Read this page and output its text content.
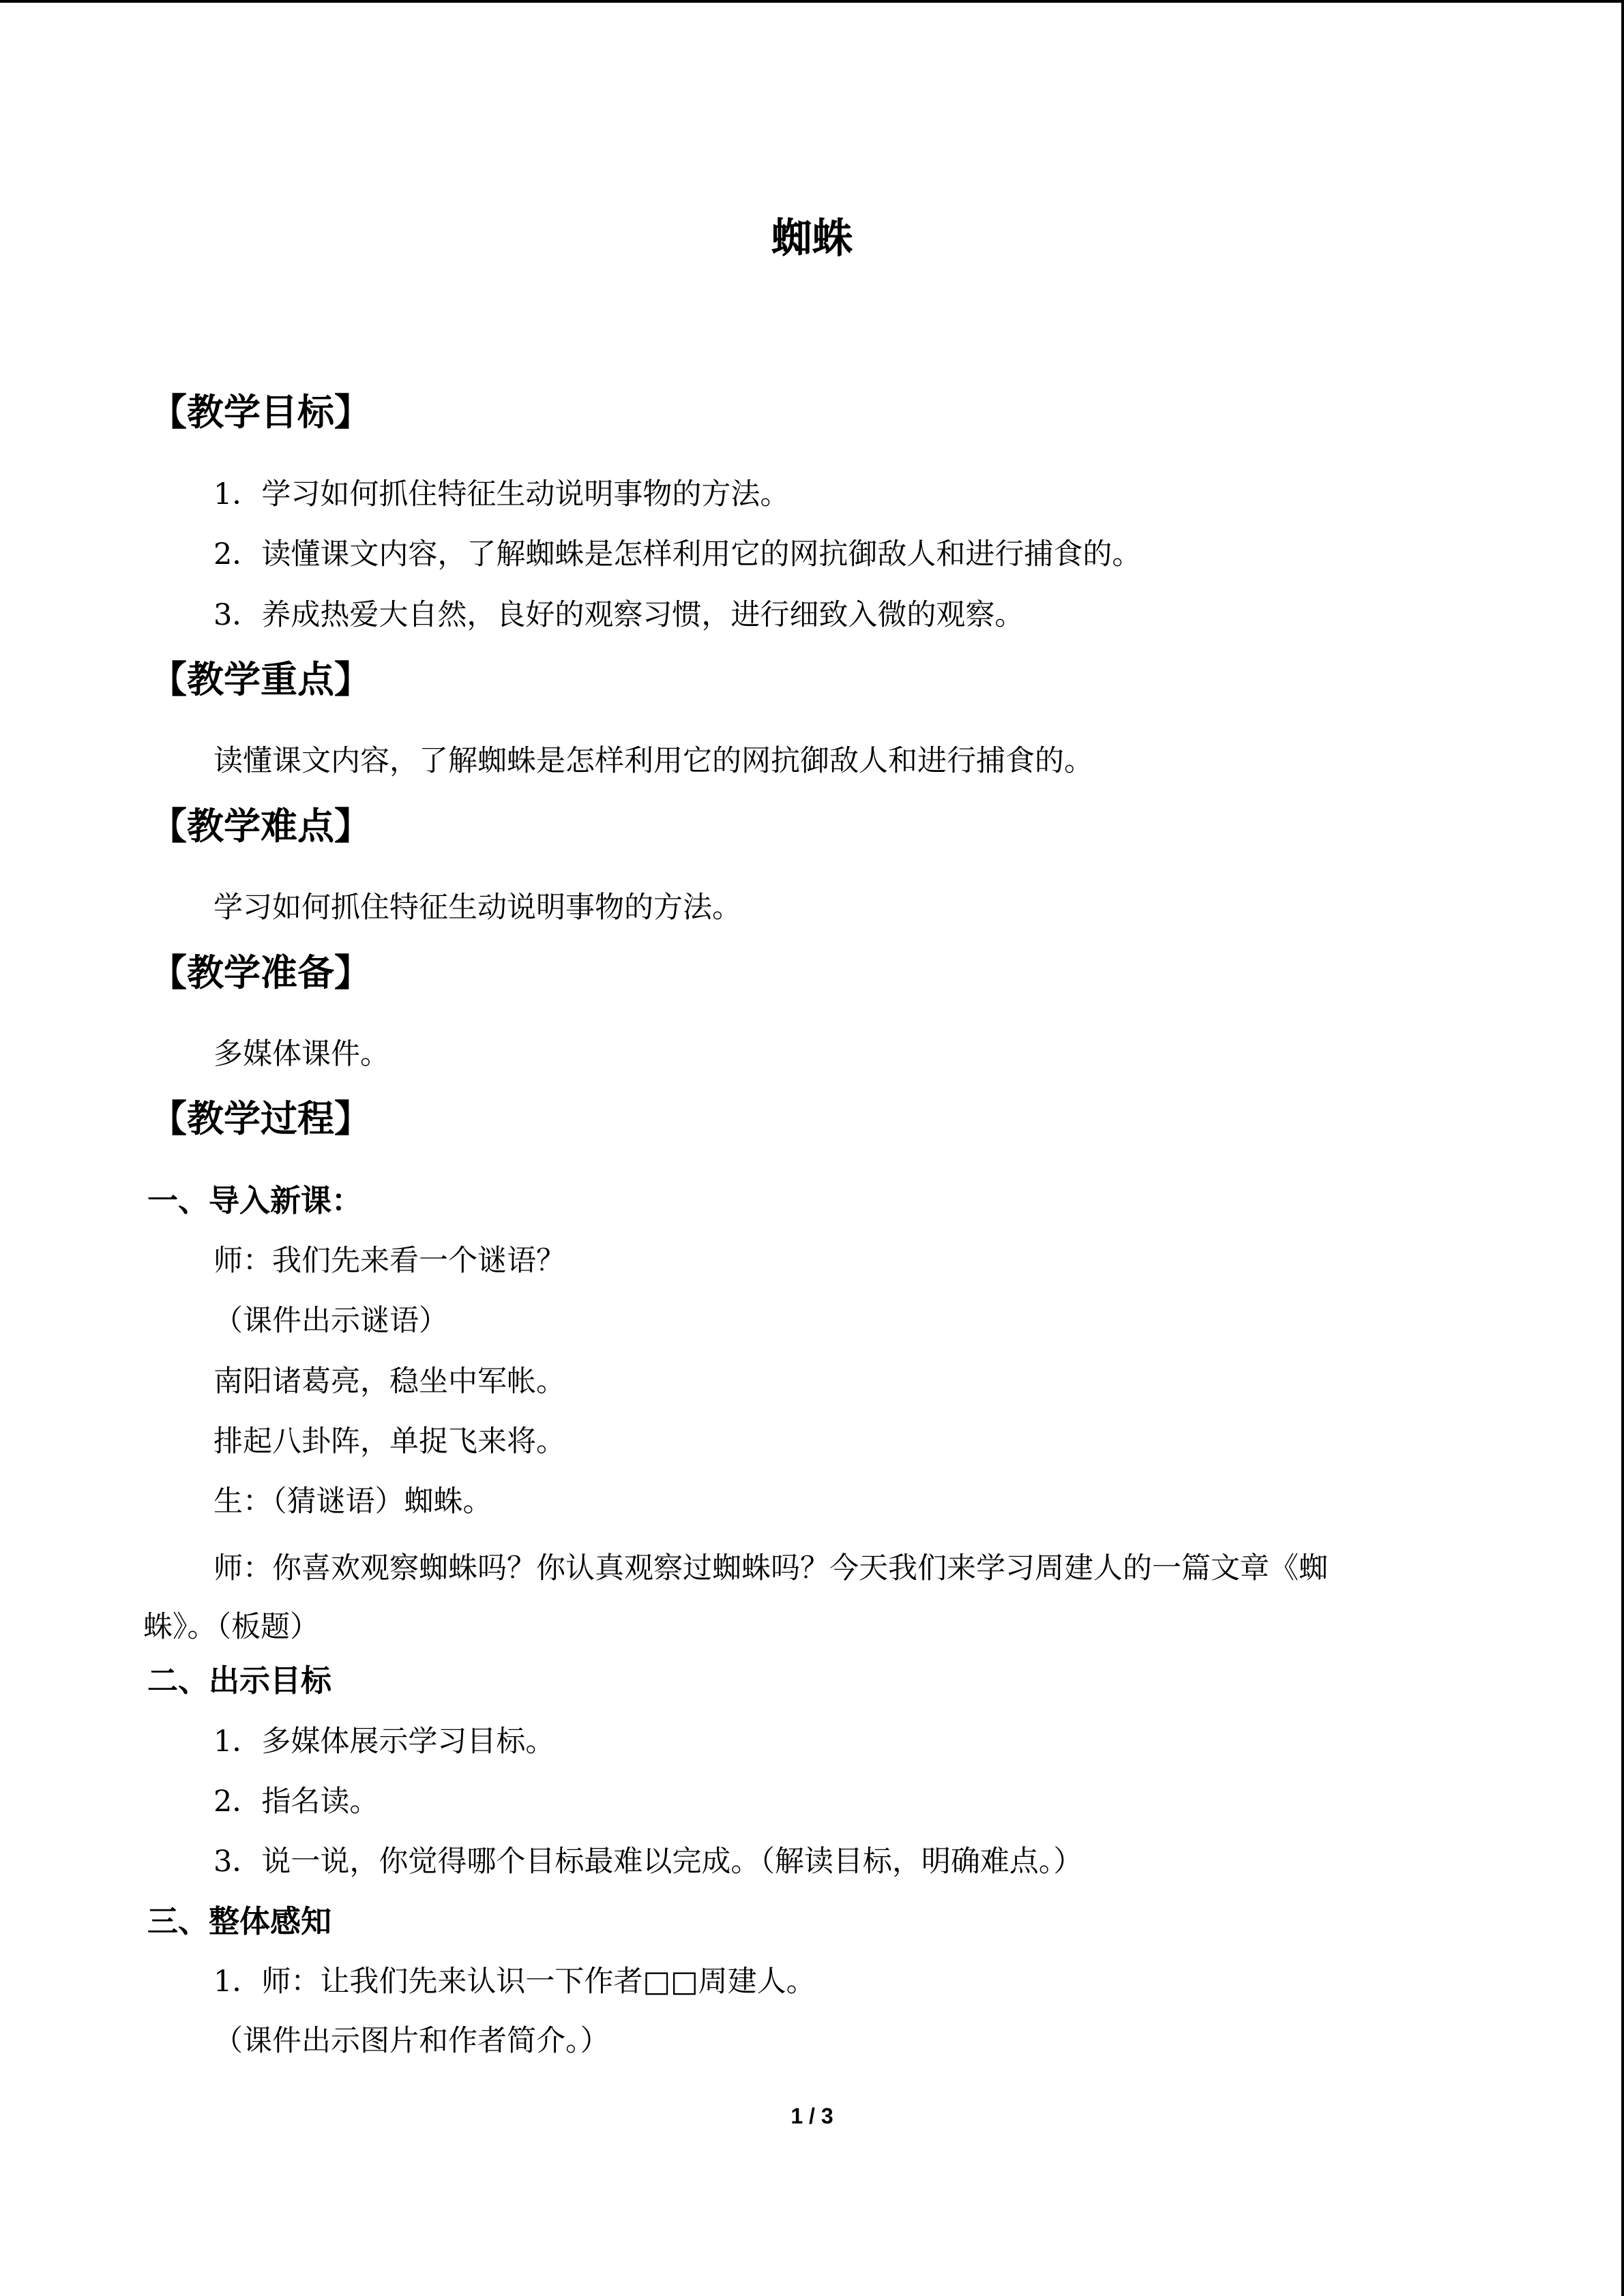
蜘蛛
【教学目标】
1．学习如何抓住特征生动说明事物的方法。
2．读懂课文内容，了解蜘蛛是怎样利用它的网抗御敌人和进行捕食的。
3．养成热爱大自然，良好的观察习惯，进行细致入微的观察。
【教学重点】
读懂课文内容，了解蜘蛛是怎样利用它的网抗御敌人和进行捕食的。
【教学难点】
学习如何抓住特征生动说明事物的方法。
【教学准备】
多媒体课件。
【教学过程】
一、导入新课：
师：我们先来看一个谜语？
（课件出示谜语）
南阳诸葛亮，稳坐中军帐。
排起八卦阵，单捉飞来将。
生：（猜谜语）蜘蛛。
师：你喜欢观察蜘蛛吗？你认真观察过蜘蛛吗？今天我们来学习周建人的一篇文章《蜘蛛》。（板题）
二、出示目标
1．多媒体展示学习目标。
2．指名读。
3．说一说，你觉得哪个目标最难以完成。（解读目标，明确难点。）
三、整体感知
1．师：让我们先来认识一下作者□□周建人。
（课件出示图片和作者简介。）
1 / 3
